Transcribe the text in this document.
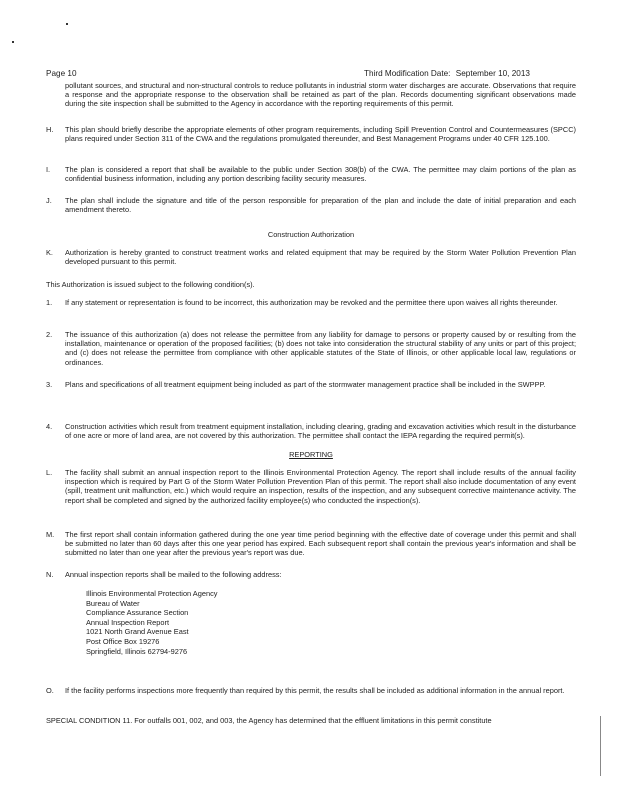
Page 10	Third Modification Date: September 10, 2013

pollutant sources, and structural and non-structural controls to reduce pollutants in industrial storm water discharges are accurate. Observations that require a response and the appropriate response to the observation shall be retained as part of the plan. Records documenting significant observations made during the site inspection shall be submitted to the Agency in accordance with the reporting requirements of this permit.

H.	This plan should briefly describe the appropriate elements of other program requirements, including Spill Prevention Control and Countermeasures (SPCC) plans required under Section 311 of the CWA and the regulations promulgated thereunder, and Best Management Programs under 40 CFR 125.100.

I.	The plan is considered a report that shall be available to the public under Section 308(b) of the CWA. The permittee may claim portions of the plan as confidential business information, including any portion describing facility security measures.

J.	The plan shall include the signature and title of the person responsible for preparation of the plan and include the date of initial preparation and each amendment thereto.

Construction Authorization
K.	Authorization is hereby granted to construct treatment works and related equipment that may be required by the Storm Water Pollution Prevention Plan developed pursuant to this permit.

This Authorization is issued subject to the following condition(s).
1.	If any statement or representation is found to be incorrect, this authorization may be revoked and the permittee there upon waives all rights thereunder.

2.	The issuance of this authorization (a) does not release the permittee from any liability for damage to persons or property caused by or resulting from the installation, maintenance or operation of the proposed facilities; (b) does not take into consideration the structural stability of any units or part of this project; and (c) does not release the permittee from compliance with other applicable statutes of the State of Illinois, or other applicable local law, regulations or ordinances.

3.	Plans and specifications of all treatment equipment being included as part of the stormwater management practice shall be included in the SWPPP.

4.	Construction activities which result from treatment equipment installation, including clearing, grading and excavation activities which result in the disturbance of one acre or more of land area, are not covered by this authorization. The permittee shall contact the IEPA regarding the required permit(s).

REPORTING
L.	The facility shall submit an annual inspection report to the Illinois Environmental Protection Agency. The report shall include results of the annual facility inspection which is required by Part G of the Storm Water Pollution Prevention Plan of this permit. The report shall also include documentation of any event (spill, treatment unit malfunction, etc.) which would require an inspection, results of the inspection, and any subsequent corrective maintenance activity. The report shall be completed and signed by the authorized facility employee(s) who conducted the inspection(s).

M.	The first report shall contain information gathered during the one year time period beginning with the effective date of coverage under this permit and shall be submitted no later than 60 days after this one year period has expired. Each subsequent report shall contain the previous year's information and shall be submitted no later than one year after the previous year's report was due.

N.	Annual inspection reports shall be mailed to the following address:

Illinois Environmental Protection Agency
Bureau of Water
Compliance Assurance Section
Annual Inspection Report
1021 North Grand Avenue East
Post Office Box 19276
Springfield, Illinois 62794-9276
O.	If the facility performs inspections more frequently than required by this permit, the results shall be included as additional information in the annual report.

SPECIAL CONDITION 11. For outfalls 001, 002, and 003, the Agency has determined that the effluent limitations in this permit constitute
